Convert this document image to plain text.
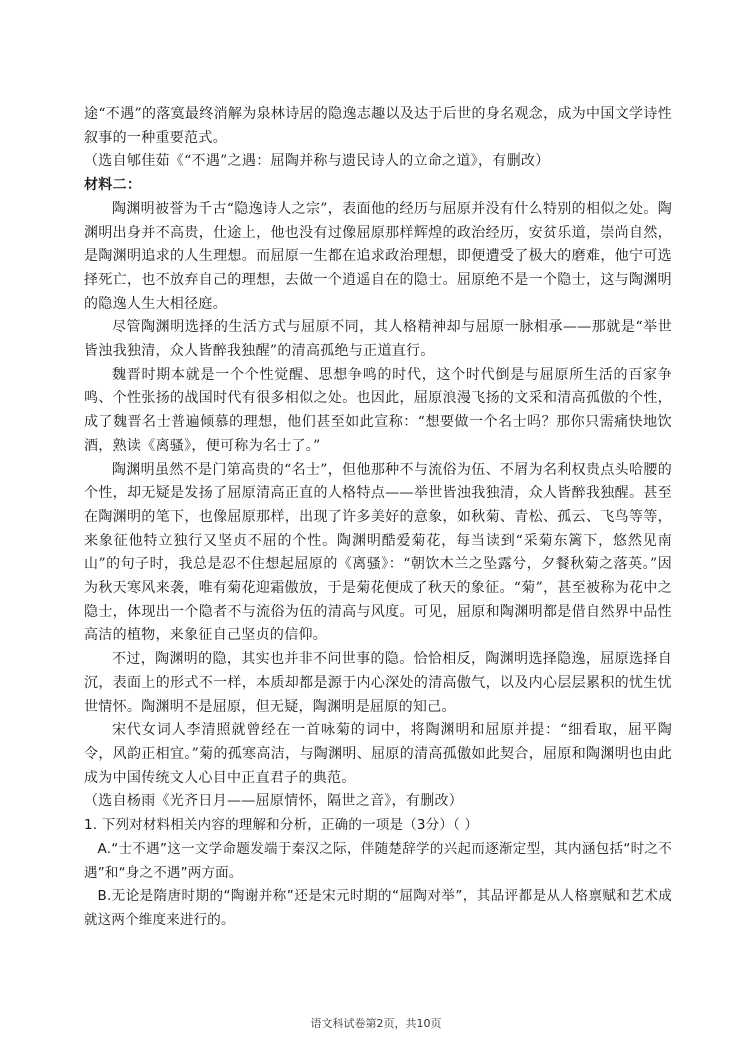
途“不遇”的落寞最终消解为泉林诗居的隐逸志趣以及达于后世的身名观念，成为中国文学诗性叙事的一种重要范式。

（选自郇佳茹《“不遇”之遇：屈陶并称与遗民诗人的立命之道》，有删改）

材料二：

陶渊明被誉为千古“隐逸诗人之宗”，表面他的经历与屈原并没有什么特别的相似之处。陶渊明出身并不高贵，仕途上，他也没有过像屈原那样辉煌的政治经历，安贫乐道，崇尚自然，是陶渊明追求的人生理想。而屈原一生都在追求政治理想，即便遭受了极大的磨难，他宁可选择死亡，也不放弃自己的理想，去做一个逍遥自在的隐士。屈原绝不是一个隐士，这与陶渊明的隐逸人生大相径庭。

尽管陶渊明选择的生活方式与屈原不同，其人格精神却与屈原一脉相承——那就是“举世皆浊我独清，众人皆醉我独醒”的清高孤绝与正道直行。

魏晋时期本就是一个个性觉醒、思想争鸣的时代，这个时代倒是与屈原所生活的百家争鸣、个性张扬的战国时代有很多相似之处。也因此，屈原浪漫飞扬的文采和清高孤傲的个性，成了魏晋名士普遍倾慕的理想，他们甚至如此宣称：“想要做一个名士吗？那你只需痛快地饮酒，熟读《离骚》，便可称为名士了。”

陶渊明虽然不是门第高贵的“名士”，但他那种不与流俗为伍、不屑为名利权贵点头哈腰的个性，却无疑是发扬了屈原清高正直的人格特点——举世皆浊我独清，众人皆醉我独醒。甚至在陶渊明的笔下，也像屈原那样，出现了许多美好的意象，如秋菊、青松、孤云、飞鸟等等，来象征他特立独行又坚贞不屈的个性。陶渊明酷爱菊花，每当读到“采菊东篱下，悠然见南山”的句子时，我总是忍不住想起屈原的《离骚》：“朝饮木兰之坠露兮，夕餐秋菊之落英。”因为秋天寒风来袭，唯有菊花迎霜傲放，于是菊花便成了秋天的象征。“菊”，甚至被称为花中之隐士，体现出一个隐者不与流俗为伍的清高与风度。可见，屈原和陶渊明都是借自然界中品性高洁的植物，来象征自己坚贞的信仰。

不过，陶渊明的隐，其实也并非不问世事的隐。恰恰相反，陶渊明选择隐逸，屈原选择自沉，表面上的形式不一样，本质却都是源于内心深处的清高傲气，以及内心层层累积的忧生忧世情怀。陶渊明不是屈原，但无疑，陶渊明是屈原的知己。

宋代女词人李清照就曾经在一首咏菊的词中，将陶渊明和屈原并提：“细看取，屈平陶令，风韵正相宜。”菊的孤寒高洁，与陶渊明、屈原的清高孤傲如此契合，屈原和陶渊明也由此成为中国传统文人心目中正直君子的典范。

（选自杨雨《光齐日月——屈原情怀，隔世之音》，有删改）

1. 下列对材料相关内容的理解和分析，正确的一项是（3分）（ ）

A.“士不遇”这一文学命题发端于秦汉之际，伴随楚辞学的兴起而逐渐定型，其内涵包括“时之不遇”和“身之不遇”两方面。

B.无论是隋唐时期的“陶谢并称”还是宋元时期的“屈陶对举”，其品评都是从人格禀赋和艺术成就这两个维度来进行的。

语文科试卷第2页，共10页
